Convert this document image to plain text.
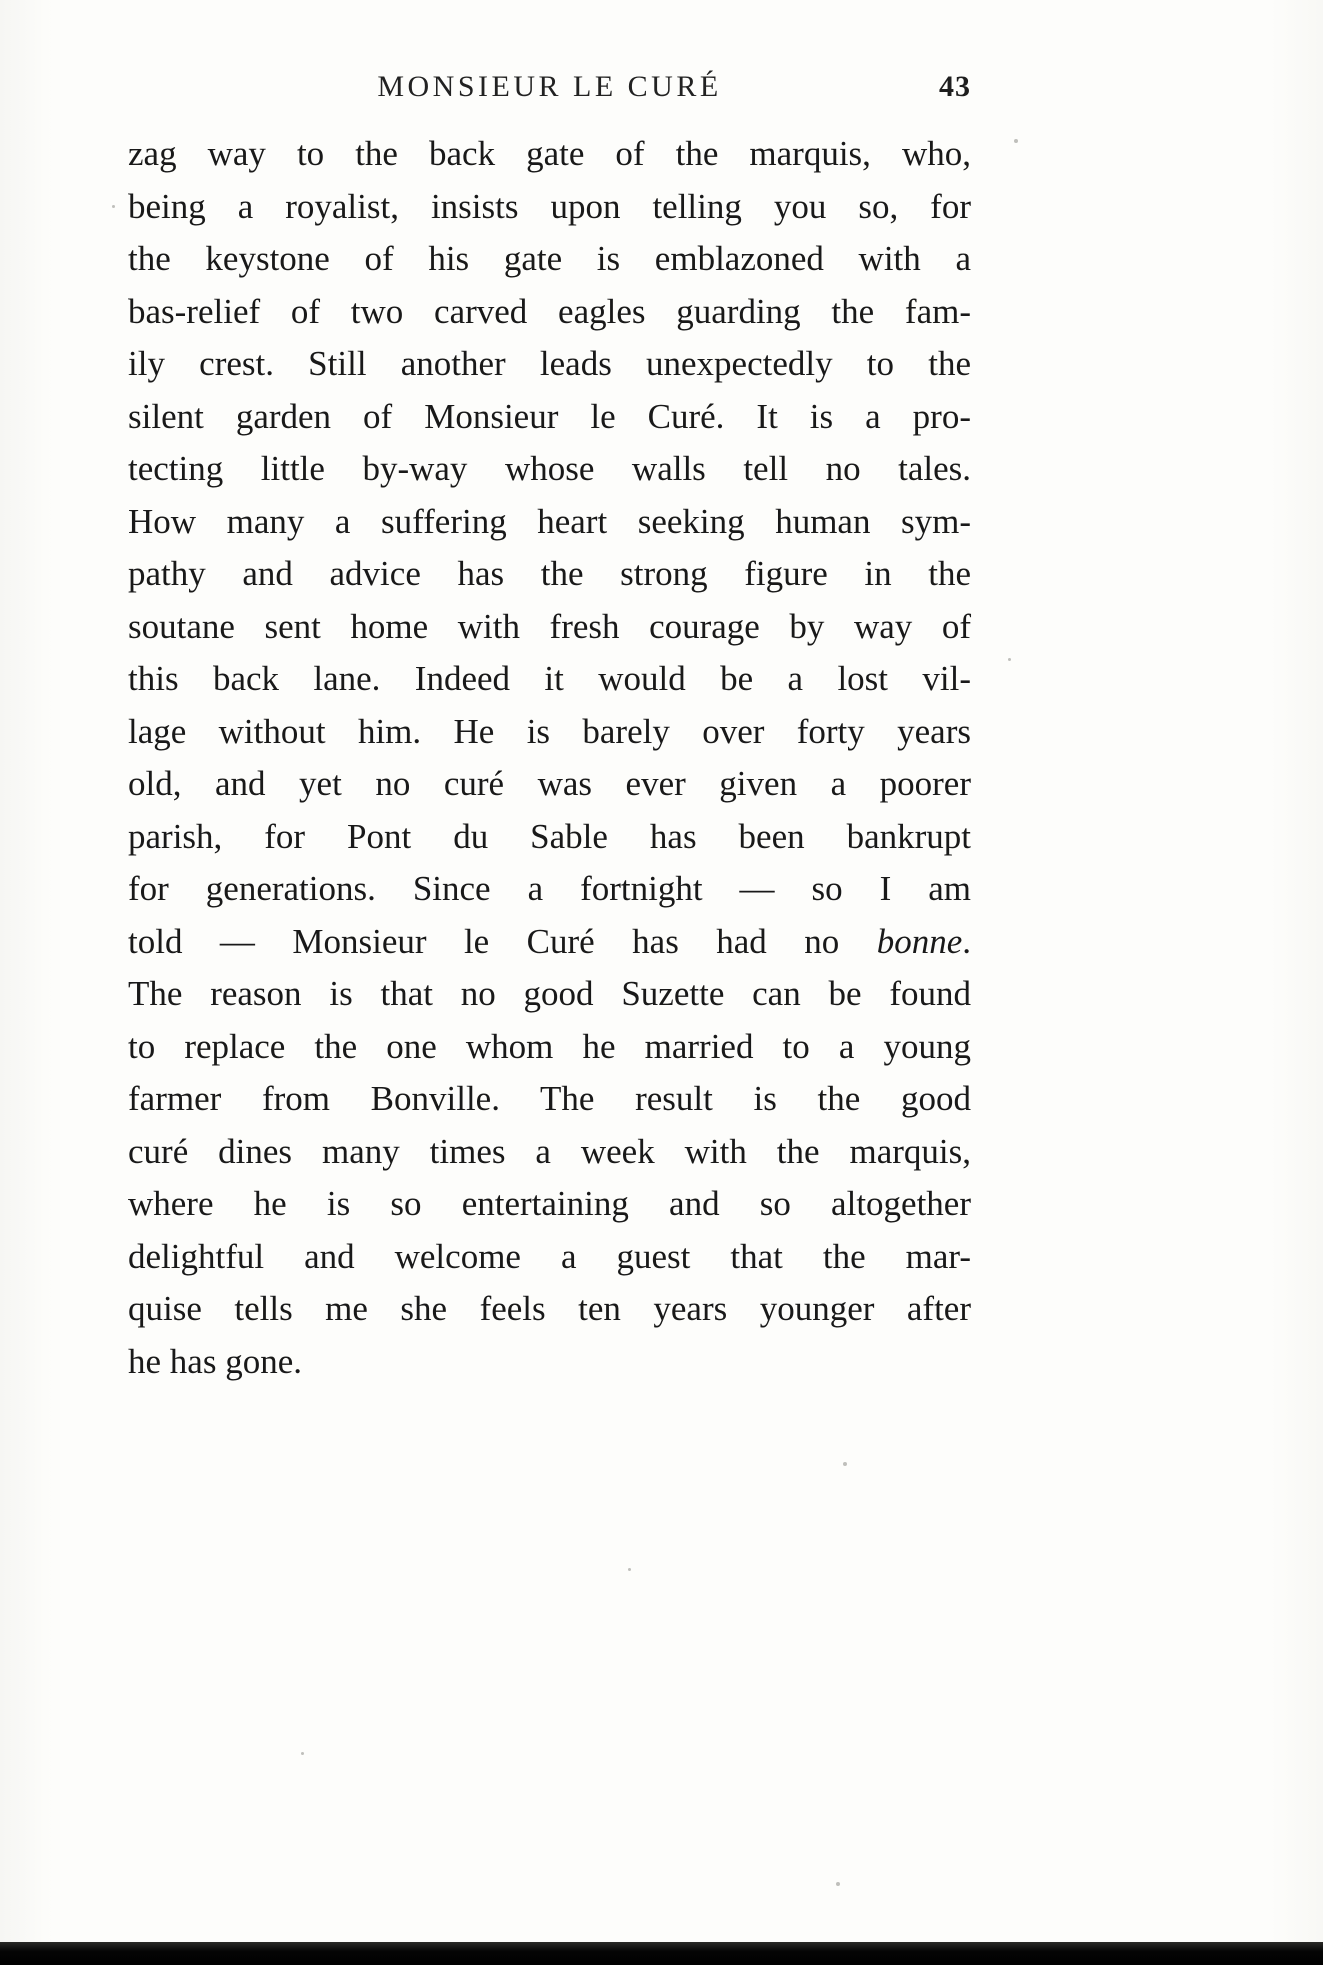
MONSIEUR LE CURÉ	43
zag way to the back gate of the marquis, who,
being a royalist, insists upon telling you so, for
the keystone of his gate is emblazoned with a
bas-relief of two carved eagles guarding the fam-
ily crest. Still another leads unexpectedly to the
silent garden of Monsieur le Curé. It is a pro-
tecting little by-way whose walls tell no tales.
How many a suffering heart seeking human sym-
pathy and advice has the strong figure in the
soutane sent home with fresh courage by way of
this back lane. Indeed it would be a lost vil-
lage without him. He is barely over forty years
old, and yet no curé was ever given a poorer
parish, for Pont du Sable has been bankrupt
for generations. Since a fortnight — so I am
told — Monsieur le Curé has had no bonne.
The reason is that no good Suzette can be found
to replace the one whom he married to a young
farmer from Bonville. The result is the good
curé dines many times a week with the marquis,
where he is so entertaining and so altogether
delightful and welcome a guest that the mar-
quise tells me she feels ten years younger after
he has gone.
